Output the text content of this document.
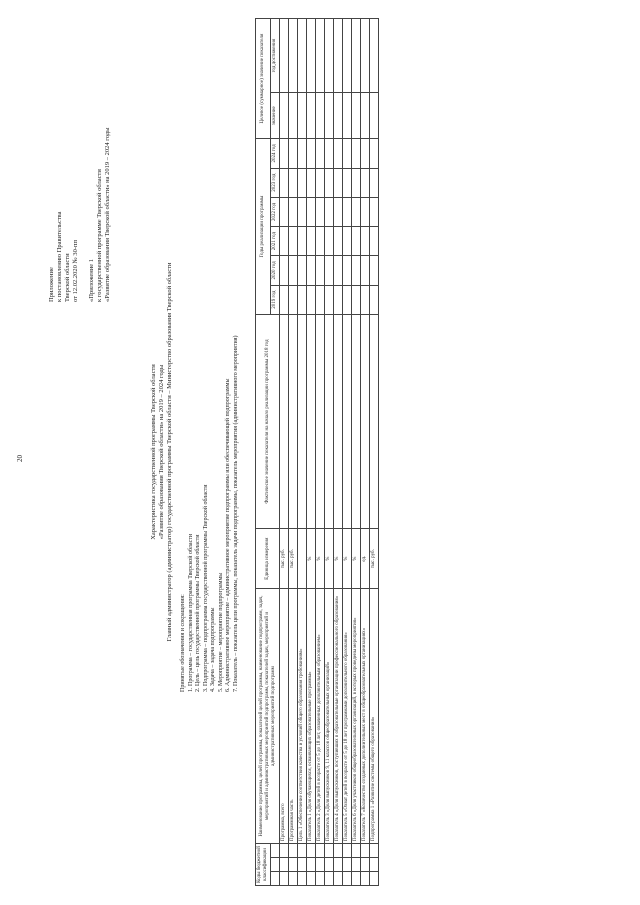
20
Приложение к постановлению Правительства Тверской области от 12.02.2020 № 30-пп
«Приложение 1 к государственной программе Тверской области «Развитие образования Тверской области» на 2019 – 2024 годы
Характеристика государственной программы Тверской области «Развитие образования Тверской области» на 2019 – 2024 годы Главный администратор (администратор) государственной программы Тверской области – Министерство образования Тверской области
Принятые обозначения и сокращения: 1. Программа – государственная программа Тверской области 2. Цель – цель государственной программы Тверской области 3. Подпрограмма – подпрограмма государственной программы Тверской области 4. Задача – задача подпрограммы 5. Мероприятие – мероприятие подпрограммы 6. Административное мероприятие – административное мероприятие подпрограммы или обеспечивающей подпрограммы 7. Показатель – показатель цели программы, показатель задачи подпрограммы, показатель мероприятия (административного мероприятия)
Коды бюджетной классификации			Наименование программы, целей программы, показателей целей программы, наименование подпрограмм, задач, мероприятий и административных мероприятий подпрограмм, показателей задач, мероприятий и административных мероприятий подпрограмм	Единица измерения	Фактическое значение показателя на начало реализации программы 2018 год	Годы реализации программы						Целевое (суммарное) значение показателя	
						2019 год	2020 год	2021 год	2022 год	2023 год	2024 год	значение	год достижения
			Программа, всего	тыс. руб.									
			Программная часть	тыс. руб.									
			Цель 1 «Обеспечение соответствия качества и условий общего образования требованиям»										
			Показатель 1 «Доля обучающихся, осваивающих образовательные программы»	%									
			Показатель 2 «Доля детей в возрасте от 5 до 18 лет, охваченных дополнительным образованием»	%									
			Показатель 3 «Доля выпускников 9, 11 классов общеобразовательных организаций»	%									
			Показатель 4 «Доля выпускников, поступивших в образовательные организации профессионального образования»	%									
			Показатель 5 «Охват детей в возрасте от 5 до 18 лет программами дополнительного образования»	%									
			Показатель 6 «Доля участников общеобразовательных организаций, в которых проведены мероприятия»	%									
			Показатель 7 «Количество созданных дополнительных мест в общеобразовательных организациях»	ед.									
			Подпрограмма 1 «Развитие системы общего образования»	тыс. руб.									
